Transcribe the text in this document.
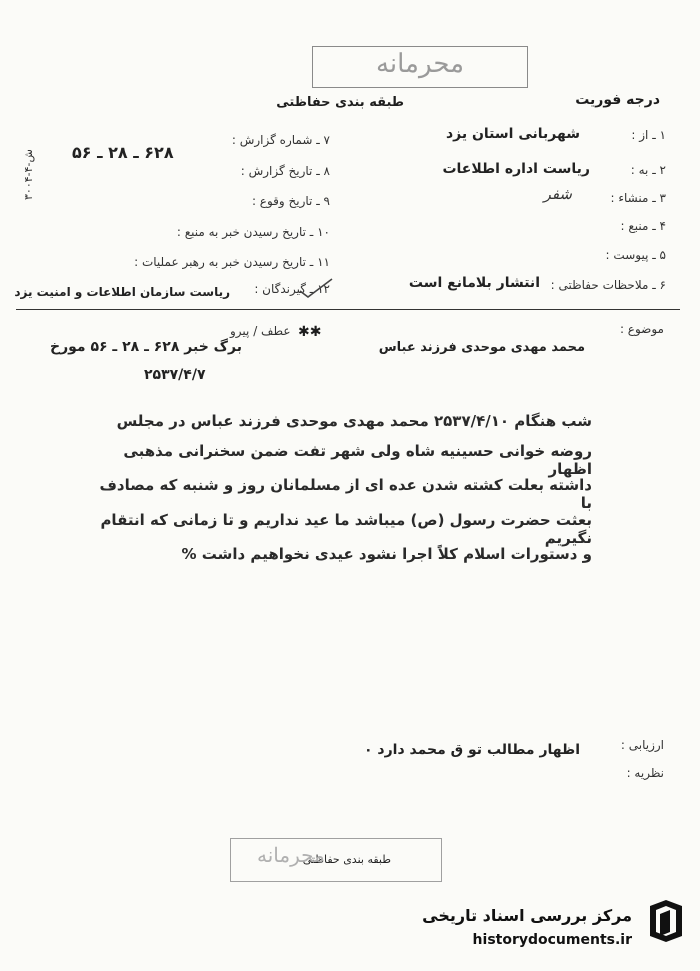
محرمانه
درجه فوریت
طبقه بندی حفاظتی
۱ ـ از :
شهربانی استان یزد
۲ ـ به :
ریاست اداره اطلاعات
۳ ـ منشاء :
شفر
۴ ـ منبع :
۵ ـ پیوست :
۶ ـ ملاحظات حفاظتی :
انتشار بلامانع است
۷ ـ شماره گزارش :
۶۲۸ ـ ۲۸ ـ ۵۶
۸ ـ تاریخ گزارش :
۹ ـ تاریخ وقوع :
۱۰ ـ تاریخ رسیدن خبر به منبع :
۱۱ ـ تاریخ رسیدن خبر به رهبر عملیات :
۱۲ ـ گیرندگان :
ریاست سازمان اطلاعات و امنیت یزد
ش-۴-۳۰۰۴
موضوع :
محمد مهدی موحدی فرزند عباس
✱✱
عطف / پیرو
برگ خبر ۶۲۸ ـ ۲۸ ـ ۵۶ مورخ
۲۵۳۷/۴/۷
شب هنگام ۲۵۳۷/۴/۱۰ محمد مهدی موحدی فرزند عباس در مجلس
روضه خوانی حسینیه شاه ولی شهر تفت ضمن سخنرانی مذهبی اظهار
داشته بعلت کشته شدن عده ای از مسلمانان روز و شنبه که مصادف با
بعثت حضرت رسول (ص) میباشد ما عید نداریم و تا زمانی که انتقام نگیریم
و دستورات اسلام کلاً اجرا نشود عیدی نخواهیم داشت %
ارزیابی :
اظهار مطالب تو ق محمد دارد ٠
نظریه :
طبقه بندی حفاظتی
محرمانه
مرکز بررسی اسناد تاریخی
historydocuments.ir
